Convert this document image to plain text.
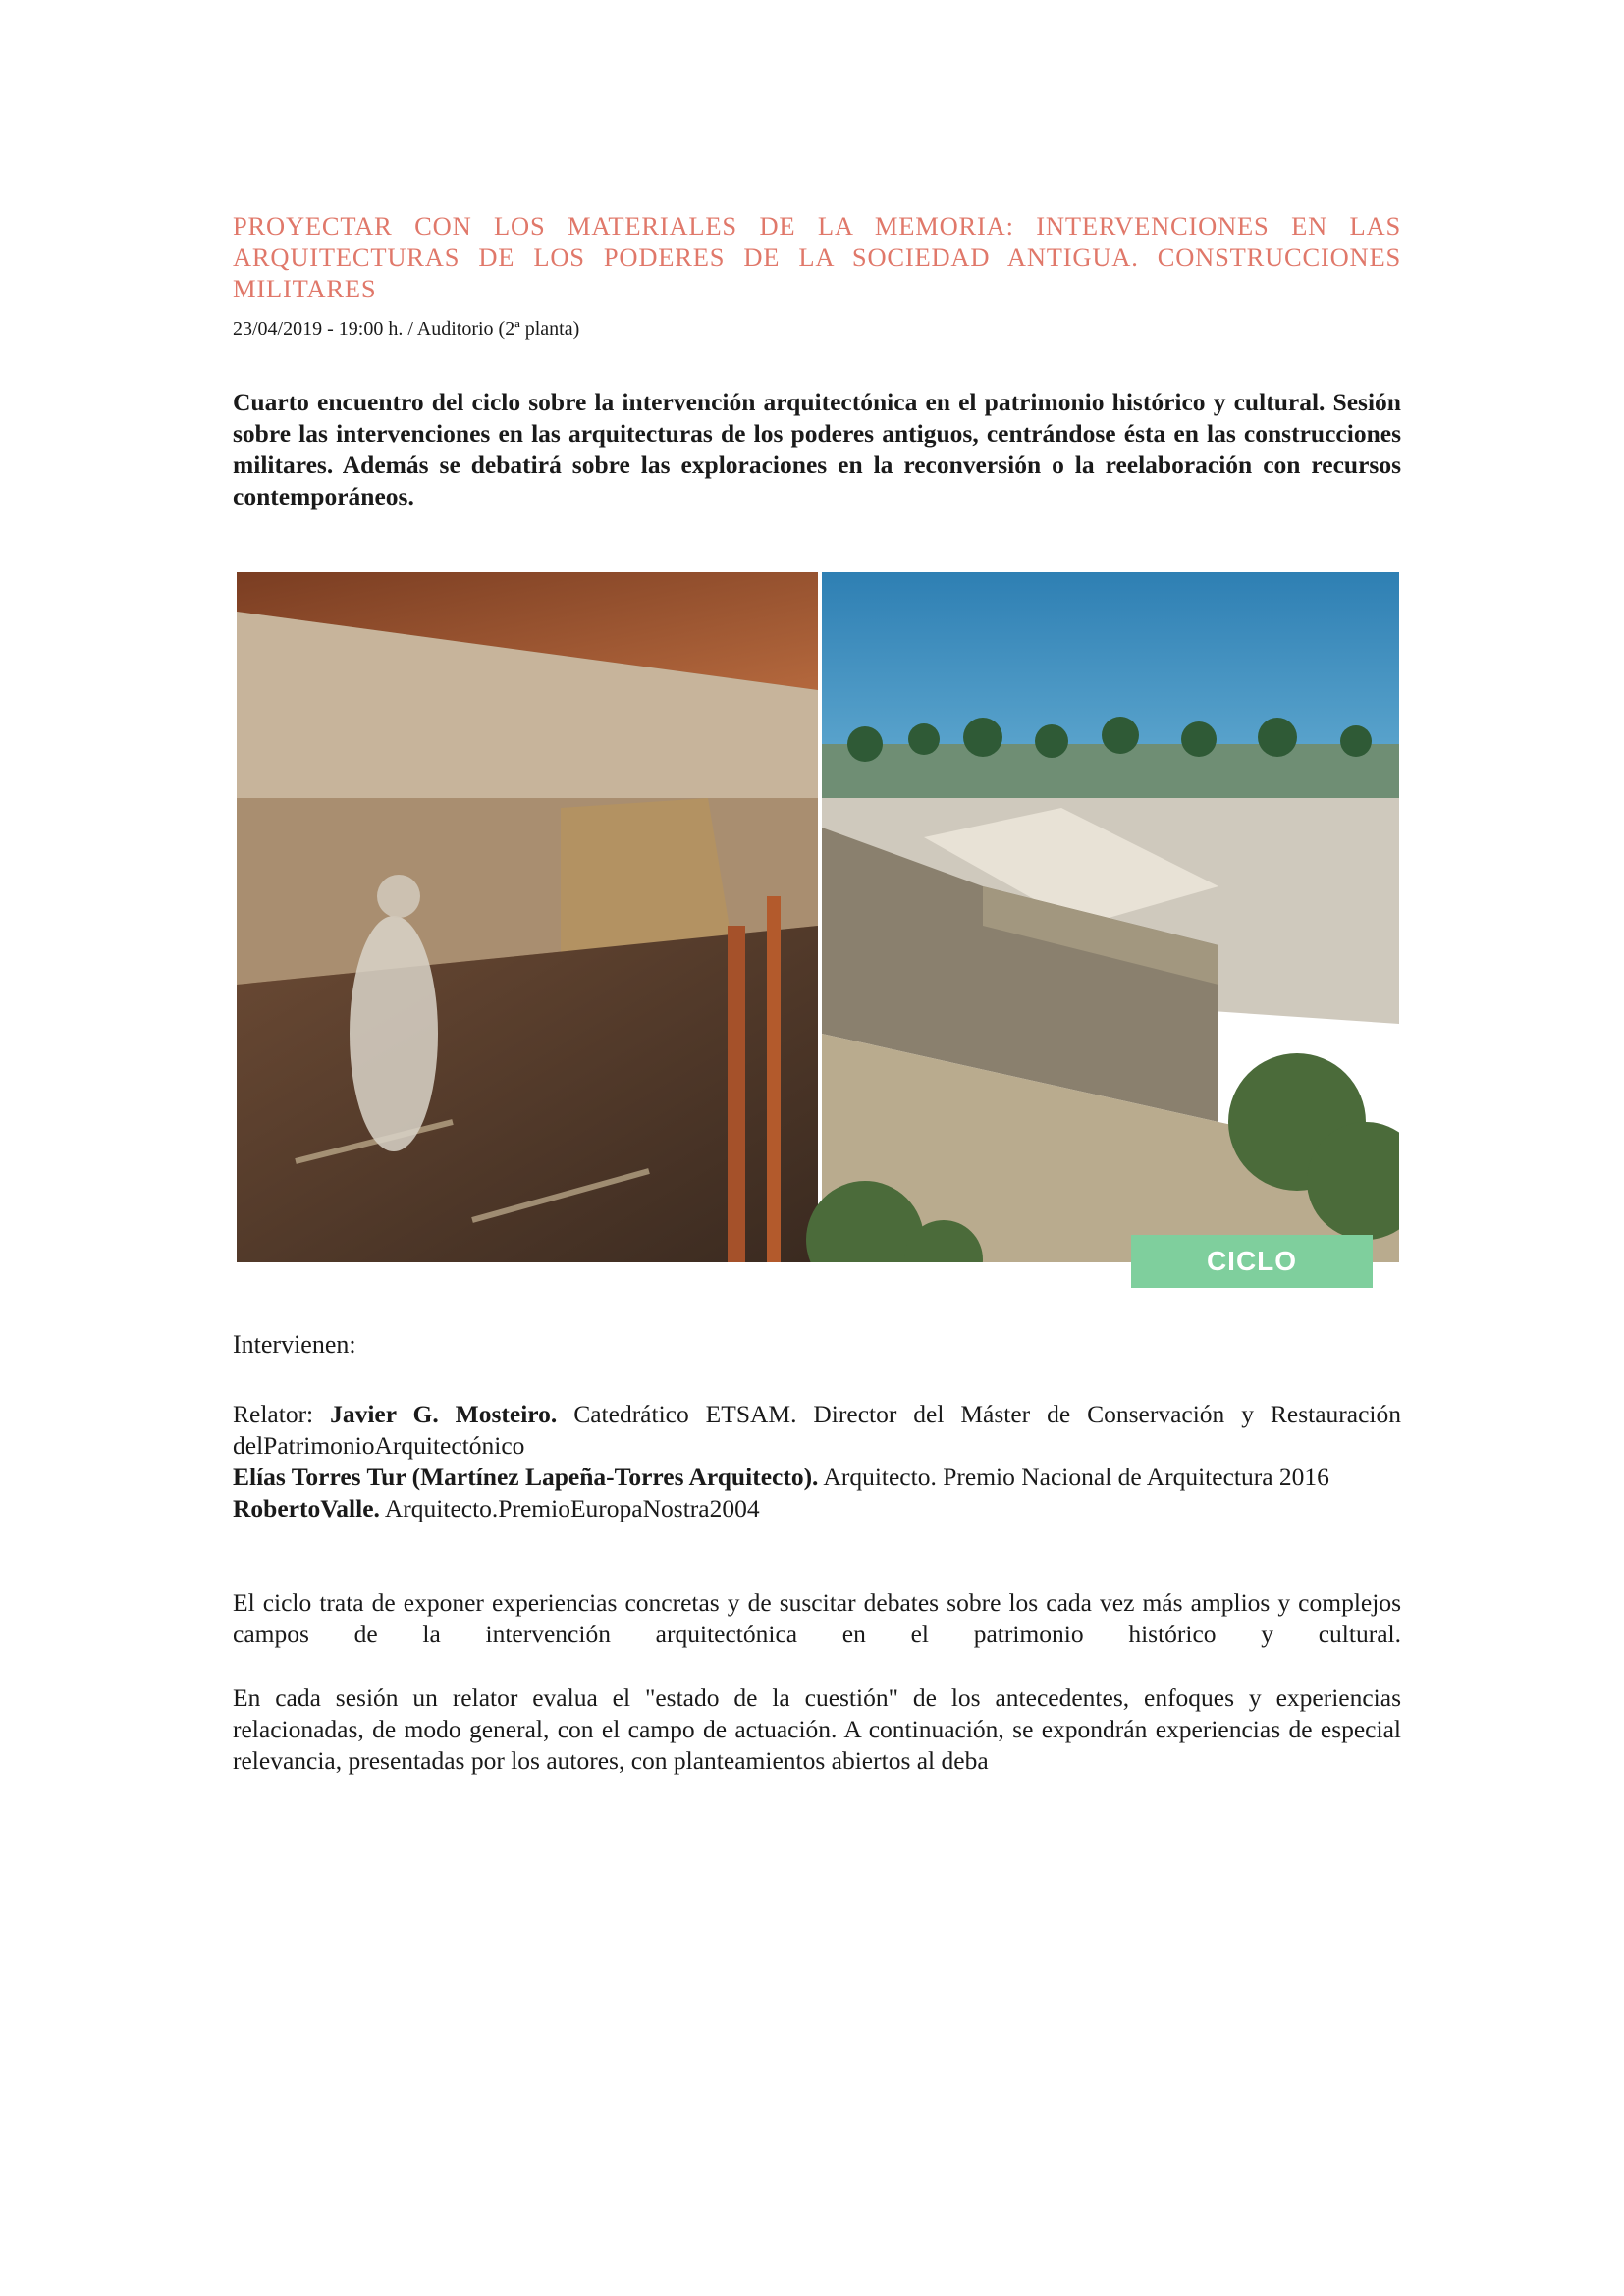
PROYECTAR CON LOS MATERIALES DE LA MEMORIA: INTERVENCIONES EN LAS ARQUITECTURAS DE LOS PODERES DE LA SOCIEDAD ANTIGUA. CONSTRUCCIONES MILITARES
23/04/2019 - 19:00 h. / Auditorio (2ª planta)

Cuarto encuentro del ciclo sobre la intervención arquitectónica en el patrimonio histórico y cultural. Sesión sobre las intervenciones en las arquitecturas de los poderes antiguos, centrándose ésta en las construcciones militares. Además se debatirá sobre las exploraciones en la reconversión o la reelaboración con recursos contemporáneos.

CICLO
Intervienen:

Relator: Javier G. Mosteiro. Catedrático ETSAM. Director del Máster de Conservación y Restauración delPatrimonioArquitectónico

Elías Torres Tur (Martínez Lapeña-Torres Arquitecto). Arquitecto. Premio Nacional de Arquitectura 2016

RobertoValle. Arquitecto.PremioEuropaNostra2004

El ciclo trata de exponer experiencias concretas y de suscitar debates sobre los cada vez más amplios y complejos campos de la intervención arquitectónica en el patrimonio histórico y cultural.

En cada sesión un relator evalua el "estado de la cuestión" de los antecedentes, enfoques y experiencias relacionadas, de modo general, con el campo de actuación. A continuación, se expondrán experiencias de especial relevancia, presentadas por los autores, con planteamientos abiertos al deba
